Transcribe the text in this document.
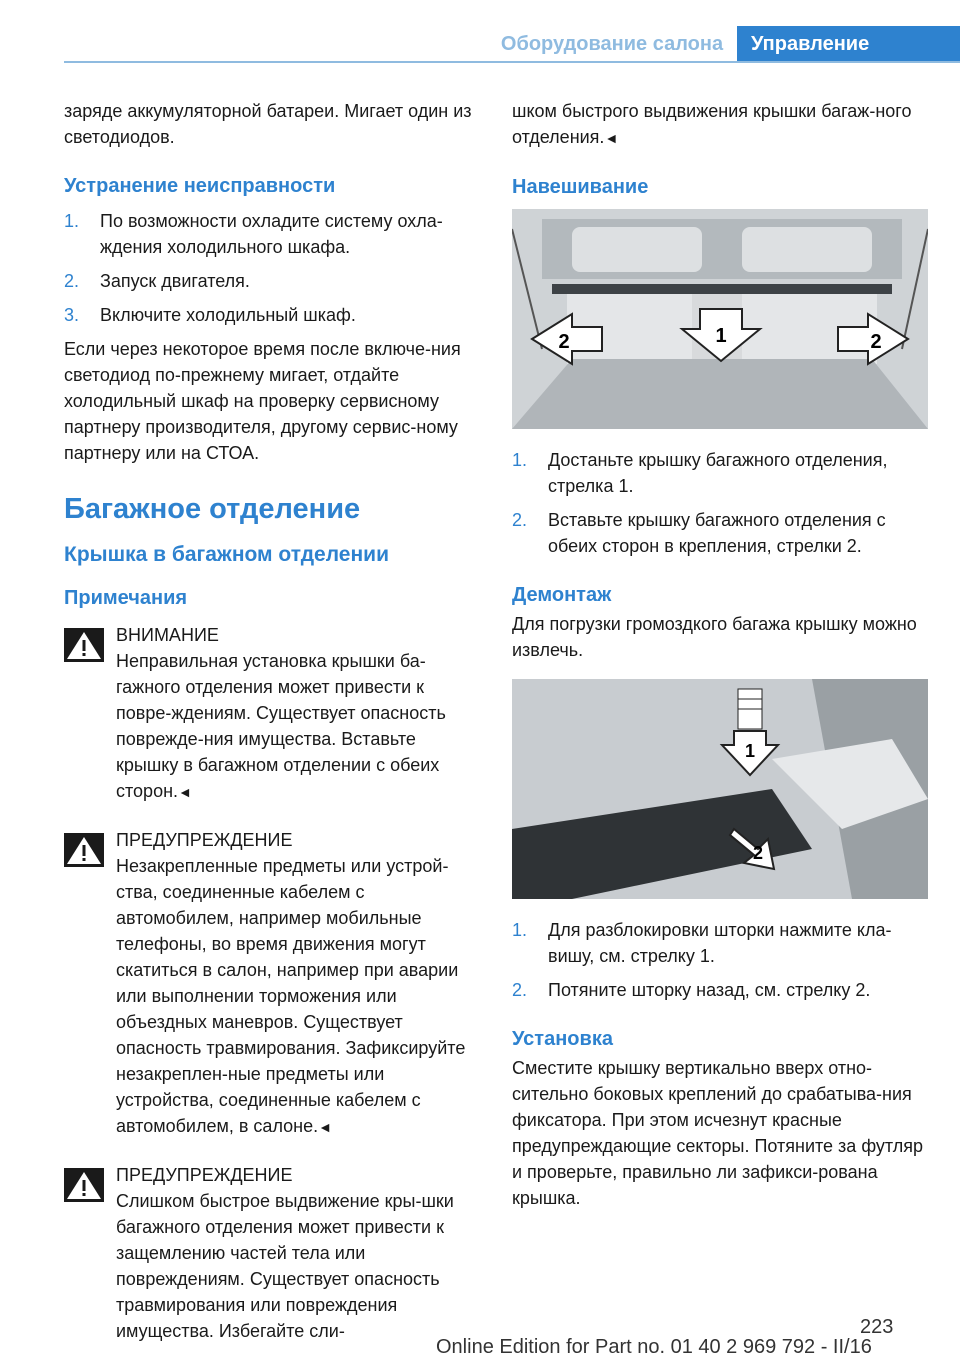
Оборудование салона	Управление

заряде аккумуляторной батареи. Мигает один из светодиодов.

Устранение неисправности
1. По возможности охладите систему охла-ждения холодильного шкафа.
2. Запуск двигателя.
3. Включите холодильный шкаф.

Если через некоторое время после включе-ния светодиод по-прежнему мигает, отдайте холодильный шкаф на проверку сервисному партнеру производителя, другому сервис-ному партнеру или на СТОА.

Багажное отделение
Крышка в багажном отделении
Примечания
ВНИМАНИЕ
Неправильная установка крышки ба-гажного отделения может привести к повре-ждениям. Существует опасность поврежде-ния имущества. Вставьте крышку в багажном отделении с обеих сторон.◄
ПРЕДУПРЕЖДЕНИЕ
Незакрепленные предметы или устрой-ства, соединенные кабелем с автомобилем, например мобильные телефоны, во время движения могут скатиться в салон, например при аварии или выполнении торможения или объездных маневров. Существует опасность травмирования. Зафиксируйте незакреплен-ные предметы или устройства, соединенные кабелем с автомобилем, в салоне.◄
ПРЕДУПРЕЖДЕНИЕ
Слишком быстрое выдвижение кры-шки багажного отделения может привести к защемлению частей тела или повреждениям. Существует опасность травмирования или повреждения имущества. Избегайте сли-

шком быстрого выдвижения крышки багаж-ного отделения.◄

Навешивание
2	1	2
1. Достаньте крышку багажного отделения, стрелка 1.
2. Вставьте крышку багажного отделения с обеих сторон в крепления, стрелки 2.
Демонтаж

Для погрузки громоздкого багажа крышку можно извлечь.

1
2
1. Для разблокировки шторки нажмите кла-вишу, см. стрелку 1.
2. Потяните шторку назад, см. стрелку 2.
Установка

Сместите крышку вертикально вверх отно-сительно боковых креплений до срабатыва-ния фиксатора. При этом исчезнут красные предупреждающие секторы. Потяните за футляр и проверьте, правильно ли зафикси-рована крышка.

223
Online Edition for Part no. 01 40 2 969 792 - II/16
